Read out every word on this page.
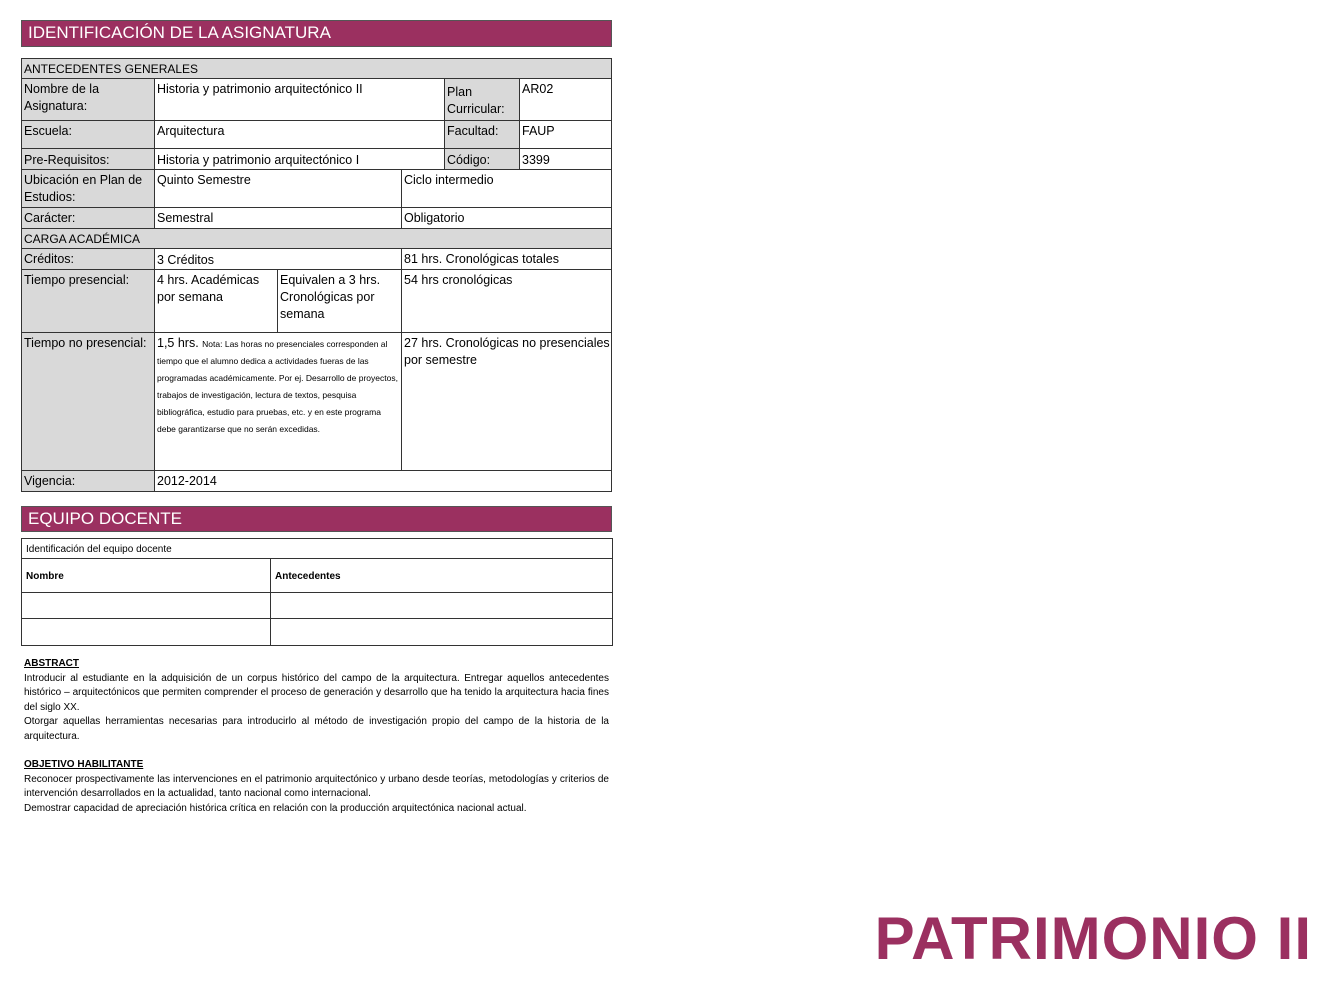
IDENTIFICACIÓN DE LA ASIGNATURA
ANTECEDENTES GENERALES					
Nombre de la Asignatura:	Historia y patrimonio arquitectónico II			Plan Curricular:	AR02
Escuela:	Arquitectura			Facultad:	FAUP
Pre-Requisitos:	Historia y patrimonio arquitectónico I			Código:	3399
Ubicación en Plan de Estudios:	Quinto Semestre		Ciclo intermedio		
Carácter:	Semestral		Obligatorio		
CARGA ACADÉMICA					
Créditos:	3 Créditos		81 hrs. Cronológicas totales		
Tiempo presencial:	4 hrs. Académicas por semana	Equivalen a 3 hrs. Cronológicas por semana	54 hrs cronológicas		
Tiempo no presencial:	1,5 hrs. Nota: Las horas no presenciales corresponden al tiempo que el alumno dedica a actividades fueras de las programadas académicamente. Por ej. Desarrollo de proyectos, trabajos de investigación, lectura de textos, pesquisa bibliográfica, estudio para pruebas, etc. y en este programa debe garantizarse que no serán excedidas.		27 hrs. Cronológicas no presenciales por semestre		
Vigencia:	2012-2014				
EQUIPO DOCENTE
Identificación del equipo docente	
Nombre	Antecedentes

ABSTRACT

Introducir al estudiante en la adquisición de un corpus histórico del campo de la arquitectura. Entregar aquellos antecedentes histórico – arquitectónicos que permiten comprender el proceso de generación y desarrollo que ha tenido la arquitectura hacia fines del siglo XX.

Otorgar aquellas herramientas necesarias para introducirlo al método de investigación propio del campo de la historia de la arquitectura.

OBJETIVO HABILITANTE

Reconocer prospectivamente las intervenciones en el patrimonio arquitectónico y urbano desde teorías, metodologías y criterios de intervención desarrollados en la actualidad, tanto nacional como internacional.

Demostrar capacidad de apreciación histórica crítica en relación con la producción arquitectónica nacional actual.

PATRIMONIO II
